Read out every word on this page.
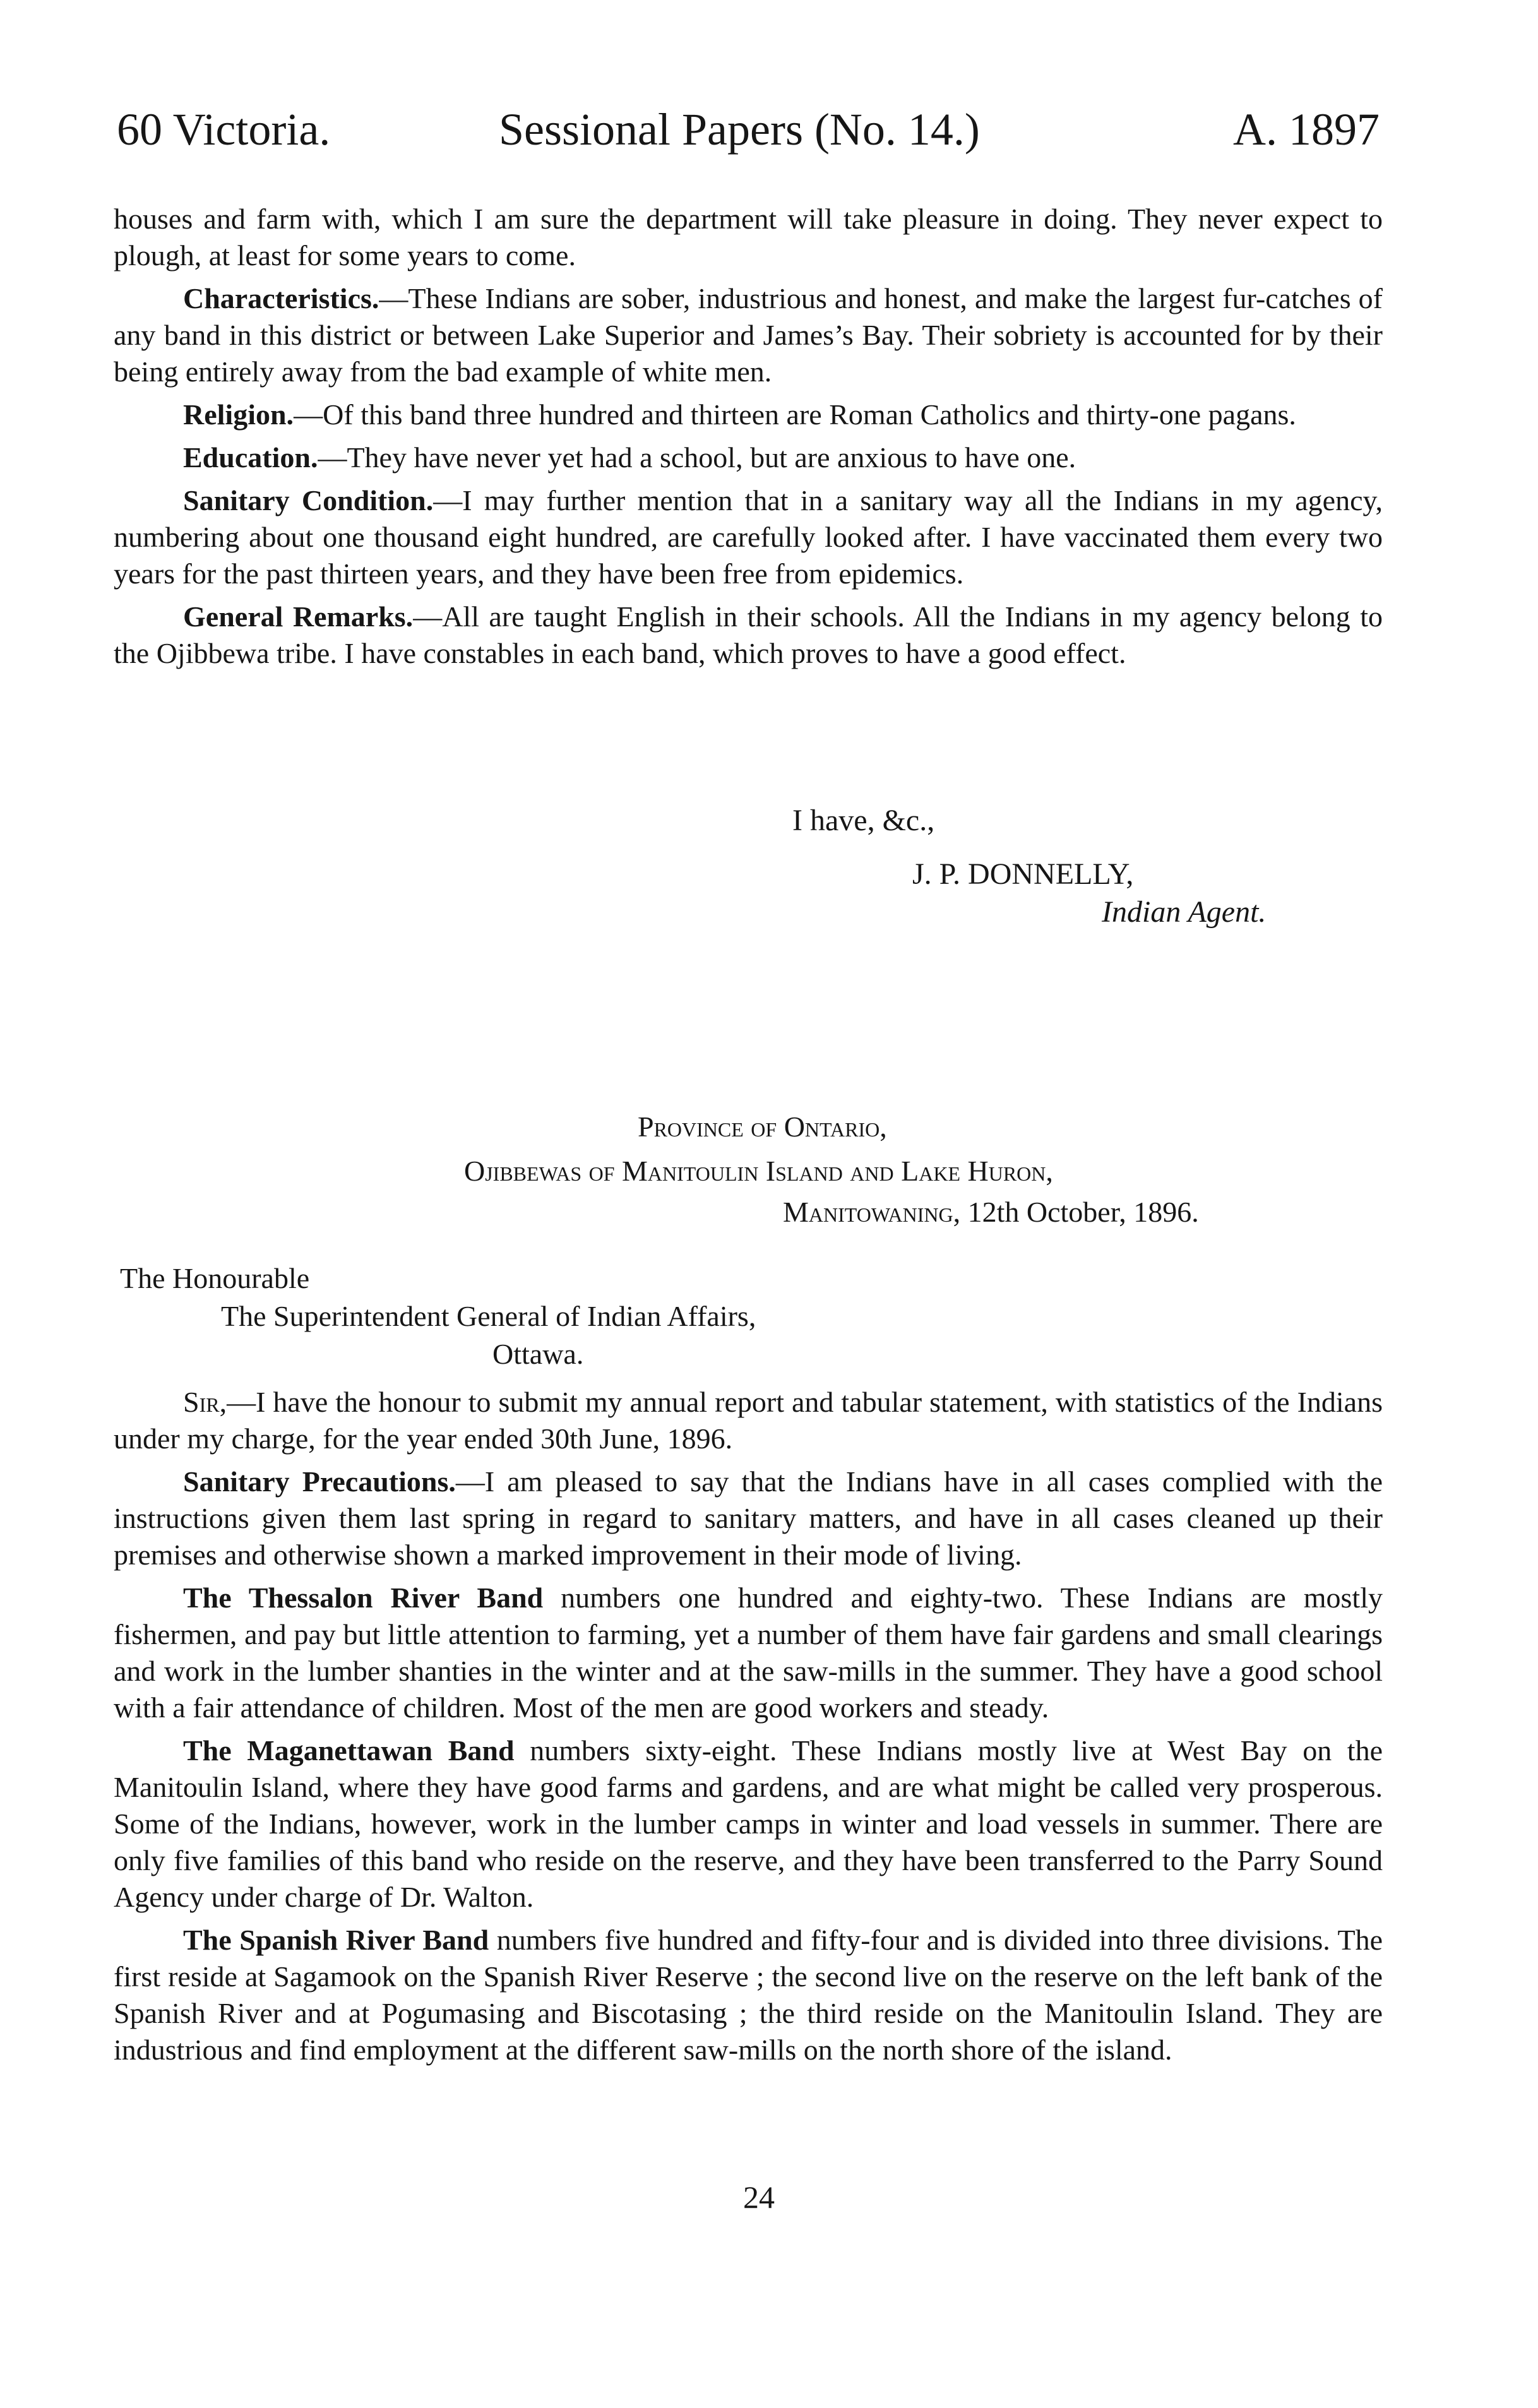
60 Victoria.	Sessional Papers (No. 14.)	A. 1897

houses and farm with, which I am sure the department will take pleasure in doing. They never expect to plough, at least for some years to come.

Characteristics.—These Indians are sober, industrious and honest, and make the largest fur-catches of any band in this district or between Lake Superior and James’s Bay. Their sobriety is accounted for by their being entirely away from the bad example of white men.

Religion.—Of this band three hundred and thirteen are Roman Catholics and thirty-one pagans.

Education.—They have never yet had a school, but are anxious to have one.

Sanitary Condition.—I may further mention that in a sanitary way all the Indians in my agency, numbering about one thousand eight hundred, are carefully looked after. I have vaccinated them every two years for the past thirteen years, and they have been free from epidemics.

General Remarks.—All are taught English in their schools. All the Indians in my agency belong to the Ojibbewa tribe. I have constables in each band, which proves to have a good effect.

I have, &c.,
J. P. DONNELLY,
Indian Agent.
Province of Ontario,
Ojibbewas of Manitoulin Island and Lake Huron,
Manitowaning, 12th October, 1896.
The Honourable
The Superintendent General of Indian Affairs,
Ottawa.

Sir,—I have the honour to submit my annual report and tabular statement, with statistics of the Indians under my charge, for the year ended 30th June, 1896.

Sanitary Precautions.—I am pleased to say that the Indians have in all cases complied with the instructions given them last spring in regard to sanitary matters, and have in all cases cleaned up their premises and otherwise shown a marked improvement in their mode of living.

The Thessalon River Band numbers one hundred and eighty-two. These Indians are mostly fishermen, and pay but little attention to farming, yet a number of them have fair gardens and small clearings and work in the lumber shanties in the winter and at the saw-mills in the summer. They have a good school with a fair attendance of children. Most of the men are good workers and steady.

The Maganettawan Band numbers sixty-eight. These Indians mostly live at West Bay on the Manitoulin Island, where they have good farms and gardens, and are what might be called very prosperous. Some of the Indians, however, work in the lumber camps in winter and load vessels in summer. There are only five families of this band who reside on the reserve, and they have been transferred to the Parry Sound Agency under charge of Dr. Walton.

The Spanish River Band numbers five hundred and fifty-four and is divided into three divisions. The first reside at Sagamook on the Spanish River Reserve ; the second live on the reserve on the left bank of the Spanish River and at Pogumasing and Biscotasing ; the third reside on the Manitoulin Island. They are industrious and find employment at the different saw-mills on the north shore of the island.

24
